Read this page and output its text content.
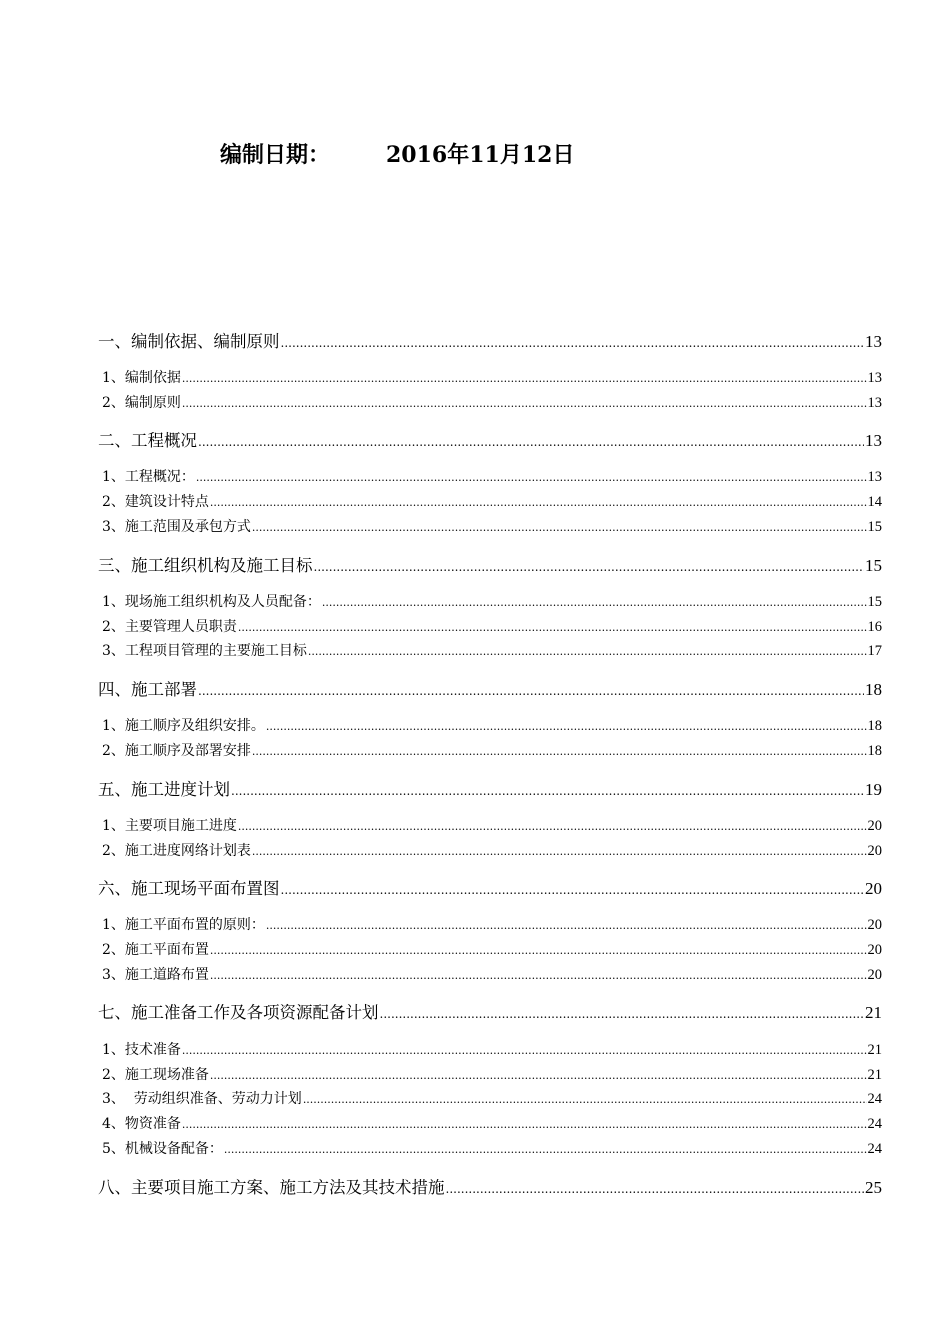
编制日期：	2016年11月12日
一、编制依据、编制原则 .....	13
1、编制依据 .....	13
2、编制原则 .....	13
二、工程概况 .....	13
1、工程概况： .....	13
2、建筑设计特点 .....	14
3、施工范围及承包方式 .....	15
三、施工组织机构及施工目标 .....	15
1、现场施工组织机构及人员配备： .....	15
2、主要管理人员职责 .....	16
3、工程项目管理的主要施工目标 .....	17
四、施工部署 .....	18
1、施工顺序及组织安排。 .....	18
2、施工顺序及部署安排 .....	18
五、施工进度计划 .....	19
1、主要项目施工进度 .....	20
2、施工进度网络计划表 .....	20
六、施工现场平面布置图 .....	20
1、施工平面布置的原则： .....	20
2、施工平面布置 .....	20
3、施工道路布置 .....	20
七、施工准备工作及各项资源配备计划 .....	21
1、技术准备 .....	21
2、施工现场准备 .....	21
3、  劳动组织准备、劳动力计划 .....	24
4、物资准备 .....	24
5、机械设备配备： .....	24
八、主要项目施工方案、施工方法及其技术措施 .....	25
